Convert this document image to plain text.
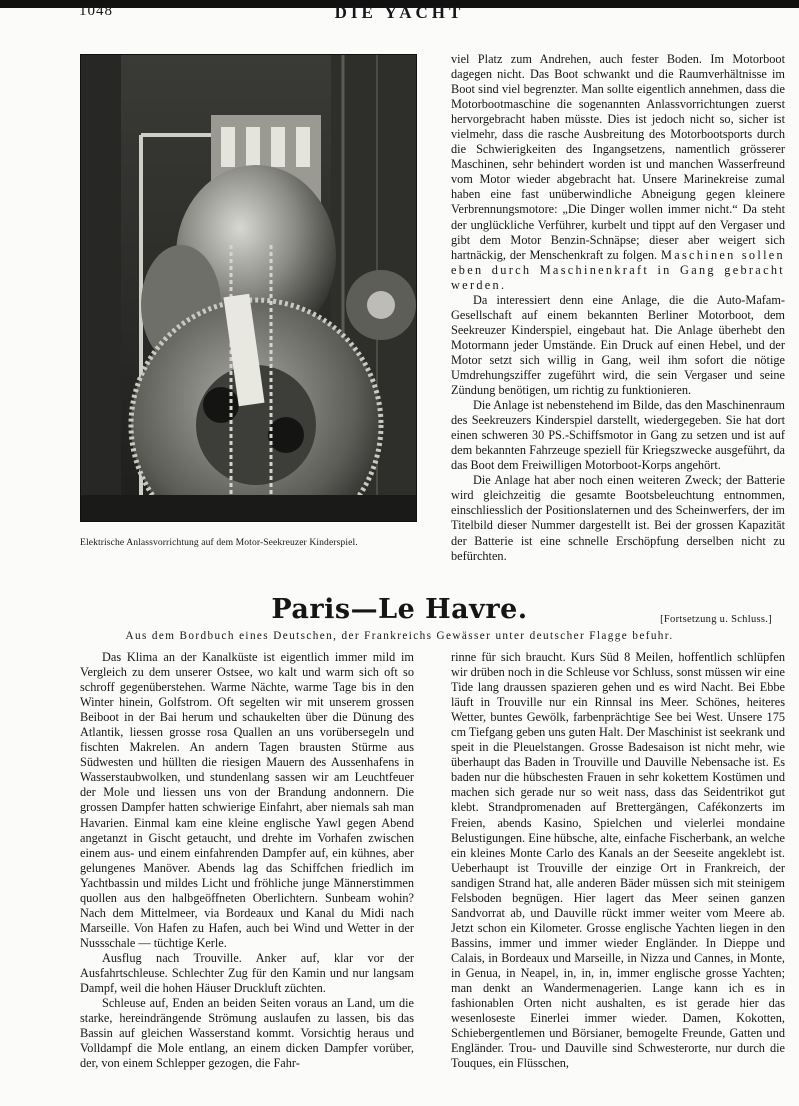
1048	DIE YACHT
Elektrische Anlassvorrichtung auf dem Motor-Seekreuzer Kinderspiel.

viel Platz zum Andrehen, auch fester Boden. Im Motorboot dagegen nicht. Das Boot schwankt und die Raumverhältnisse im Boot sind viel begrenzter. Man sollte eigentlich annehmen, dass die Motorbootmaschine die sogenannten Anlassvorrichtungen zuerst hervorgebracht haben müsste. Dies ist jedoch nicht so, sicher ist vielmehr, dass die rasche Ausbreitung des Motorbootsports durch die Schwierigkeiten des Ingangsetzens, namentlich grösserer Maschinen, sehr behindert worden ist und manchen Wasserfreund vom Motor wieder abgebracht hat. Unsere Marinekreise zumal haben eine fast unüberwindliche Abneigung gegen kleinere Verbrennungsmotore: „Die Dinger wollen immer nicht.“ Da steht der unglückliche Verführer, kurbelt und tippt auf den Vergaser und gibt dem Motor Benzin-Schnäpse; dieser aber weigert sich hartnäckig, der Menschenkraft zu folgen. Maschinen sollen eben durch Maschinenkraft in Gang gebracht werden.

Da interessiert denn eine Anlage, die die Auto-Mafam-Gesellschaft auf einem bekannten Berliner Motorboot, dem Seekreuzer Kinderspiel, eingebaut hat. Die Anlage überhebt den Motormann jeder Umstände. Ein Druck auf einen Hebel, und der Motor setzt sich willig in Gang, weil ihm sofort die nötige Umdrehungsziffer zugeführt wird, die sein Vergaser und seine Zündung benötigen, um richtig zu funktionieren.

Die Anlage ist nebenstehend im Bilde, das den Maschinenraum des Seekreuzers Kinderspiel darstellt, wiedergegeben. Sie hat dort einen schweren 30 PS.-Schiffsmotor in Gang zu setzen und ist auf dem bekannten Fahrzeuge speziell für Kriegszwecke ausgeführt, da das Boot dem Freiwilligen Motorboot-Korps angehört.

Die Anlage hat aber noch einen weiteren Zweck; der Batterie wird gleichzeitig die gesamte Bootsbeleuchtung entnommen, einschliesslich der Positionslaternen und des Scheinwerfers, der im Titelbild dieser Nummer dargestellt ist. Bei der grossen Kapazität der Batterie ist eine schnelle Erschöpfung derselben nicht zu befürchten.

Paris—Le Havre.	[Fortsetzung u. Schluss.]
Aus dem Bordbuch eines Deutschen, der Frankreichs Gewässer unter deutscher Flagge befuhr.

Das Klima an der Kanalküste ist eigentlich immer mild im Vergleich zu dem unserer Ostsee, wo kalt und warm sich oft so schroff gegenüberstehen. Warme Nächte, warme Tage bis in den Winter hinein, Golfstrom. Oft segelten wir mit unserem grossen Beiboot in der Bai herum und schaukelten über die Dünung des Atlantik, liessen grosse rosa Quallen an uns vorübersegeln und fischten Makrelen. An andern Tagen brausten Stürme aus Südwesten und hüllten die riesigen Mauern des Aussenhafens in Wasserstaubwolken, und stundenlang sassen wir am Leuchtfeuer der Mole und liessen uns von der Brandung andonnern. Die grossen Dampfer hatten schwierige Einfahrt, aber niemals sah man Havarien. Einmal kam eine kleine englische Yawl gegen Abend angetanzt in Gischt getaucht, und drehte im Vorhafen zwischen einem aus- und einem einfahrenden Dampfer auf, ein kühnes, aber gelungenes Manöver. Abends lag das Schiffchen friedlich im Yachtbassin und mildes Licht und fröhliche junge Männerstimmen quollen aus den halbgeöffneten Oberlichtern. Sunbeam wohin? Nach dem Mittelmeer, via Bordeaux und Kanal du Midi nach Marseille. Von Hafen zu Hafen, auch bei Wind und Wetter in der Nussschale — tüchtige Kerle.

Ausflug nach Trouville. Anker auf, klar vor der Ausfahrtschleuse. Schlechter Zug für den Kamin und nur langsam Dampf, weil die hohen Häuser Druckluft züchten.

Schleuse auf, Enden an beiden Seiten voraus an Land, um die starke, hereindrängende Strömung auslaufen zu lassen, bis das Bassin auf gleichen Wasserstand kommt. Vorsichtig heraus und Volldampf die Mole entlang, an einem dicken Dampfer vorüber, der, von einem Schlepper gezogen, die Fahr-

rinne für sich braucht. Kurs Süd 8 Meilen, hoffentlich schlüpfen wir drüben noch in die Schleuse vor Schluss, sonst müssen wir eine Tide lang draussen spazieren gehen und es wird Nacht. Bei Ebbe läuft in Trouville nur ein Rinnsal ins Meer. Schönes, heiteres Wetter, buntes Gewölk, farbenprächtige See bei West. Unsere 175 cm Tiefgang geben uns guten Halt. Der Maschinist ist seekrank und speit in die Pleuelstangen. Grosse Badesaison ist nicht mehr, wie überhaupt das Baden in Trouville und Dauville Nebensache ist. Es baden nur die hübschesten Frauen in sehr kokettem Kostümen und machen sich gerade nur so weit nass, dass das Seidentrikot gut klebt. Strandpromenaden auf Brettergängen, Cafékonzerts im Freien, abends Kasino, Spielchen und vielerlei mondaine Belustigungen. Eine hübsche, alte, einfache Fischerbank, an welche ein kleines Monte Carlo des Kanals an der Seeseite angeklebt ist. Ueberhaupt ist Trouville der einzige Ort in Frankreich, der sandigen Strand hat, alle anderen Bäder müssen sich mit steinigem Felsboden begnügen. Hier lagert das Meer seinen ganzen Sandvorrat ab, und Dauville rückt immer weiter vom Meere ab. Jetzt schon ein Kilometer. Grosse englische Yachten liegen in den Bassins, immer und immer wieder Engländer. In Dieppe und Calais, in Bordeaux und Marseille, in Nizza und Cannes, in Monte, in Genua, in Neapel, in, in, in, immer englische grosse Yachten; man denkt an Wandermenagerien. Lange kann ich es in fashionablen Orten nicht aushalten, es ist gerade hier das wesenloseste Einerlei immer wieder. Damen, Kokotten, Schiebergentlemen und Börsianer, bemogelte Freunde, Gatten und Engländer. Trou- und Dauville sind Schwesterorte, nur durch die Touques, ein Flüsschen,
